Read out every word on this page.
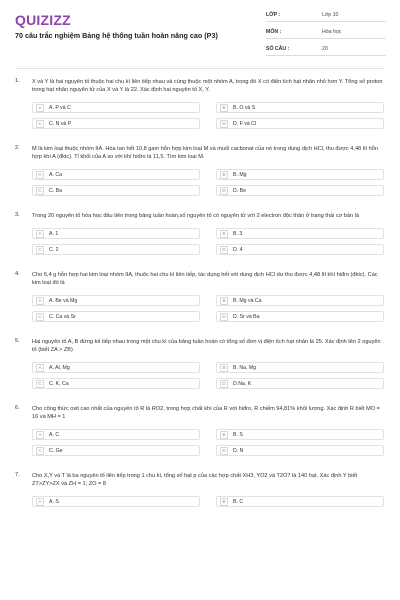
QUIZIZZ
70 câu trắc nghiệm Bảng hệ thống tuần hoàn nâng cao (P3)
LỚP :	Lớp 10
MÔN :	Hóa học
SỐ CÂU :	20
1. X và Y là hai nguyên tố thuộc hai chu kì liên tiếp nhau và cùng thuộc một nhóm A, trong đó X có điện tích hạt nhân nhỏ hơn Y. Tổng số proton trong hạt nhân nguyên tử của X và Y là 22. Xác định hai nguyên tố X, Y.
A	A. P và C	B	B. O và S
C	C. N và P	D	D. F và Cl
2. M là kim loại thuộc nhóm IIA. Hòa tan hết 10,8 gam hỗn hợp kim loại M và muối cacbonat của nó trong dung dịch HCl, thu được 4,48 lít hỗn hợp khí A (đktc). Tỉ khối của A so với khí hiđro là 11,5. Tìm kim loại M.
A	A. Ca	B	B. Mg
C	C. Ba	D	D. Be
3. Trong 20 nguyên tố hóa học đầu tiên trong bảng tuần hoàn,số nguyên tố có nguyên tử với 2 electron độc thân ở trạng thái cơ bản là
A	A. 1	B	B. 3
C	C. 2	D	D. 4
4. Cho 6,4 g hỗn hợp hai kim loại nhóm IIA, thuộc hai chu kì liên tiếp, tác dụng hết với dung dịch HCl dư thu được 4,48 lít khí hiđro (đktc). Các kim loại đó là
A	A. Be và Mg	B	B. Mg và Ca
C	C. Ca và Sr	D	D. Sr và Ba
5. Hai nguyên tố A, B đứng kế tiếp nhau trong một chu kì của bảng tuần hoàn có tổng số đơn vị điện tích hạt nhân là 25. Xác định tên 2 nguyên tố (biết ZA > ZB)
A	A. Al, Mg	B	B. Na, Mg
C	C. K, Ca	D	D.Na, K
6. Cho công thức oxit cao nhất của nguyên tố R là RO2, trong hợp chất khí của R với hiđro, R chiếm 94,81% khối lượng. Xác định R biết MO = 16 và MH = 1
A	A. C	B	B. S
C	C. Ge	D	D. N
7. Cho X,Y và T là ba nguyên tố liên tiếp trong 1 chu kì, tổng số hạt p của các hợp chất XH3, YO2 và T2O7 là 140 hạt. Xác định Y biết ZT>ZY>ZX và ZH = 1; ZO = 8
A	A. S	B	B. C
